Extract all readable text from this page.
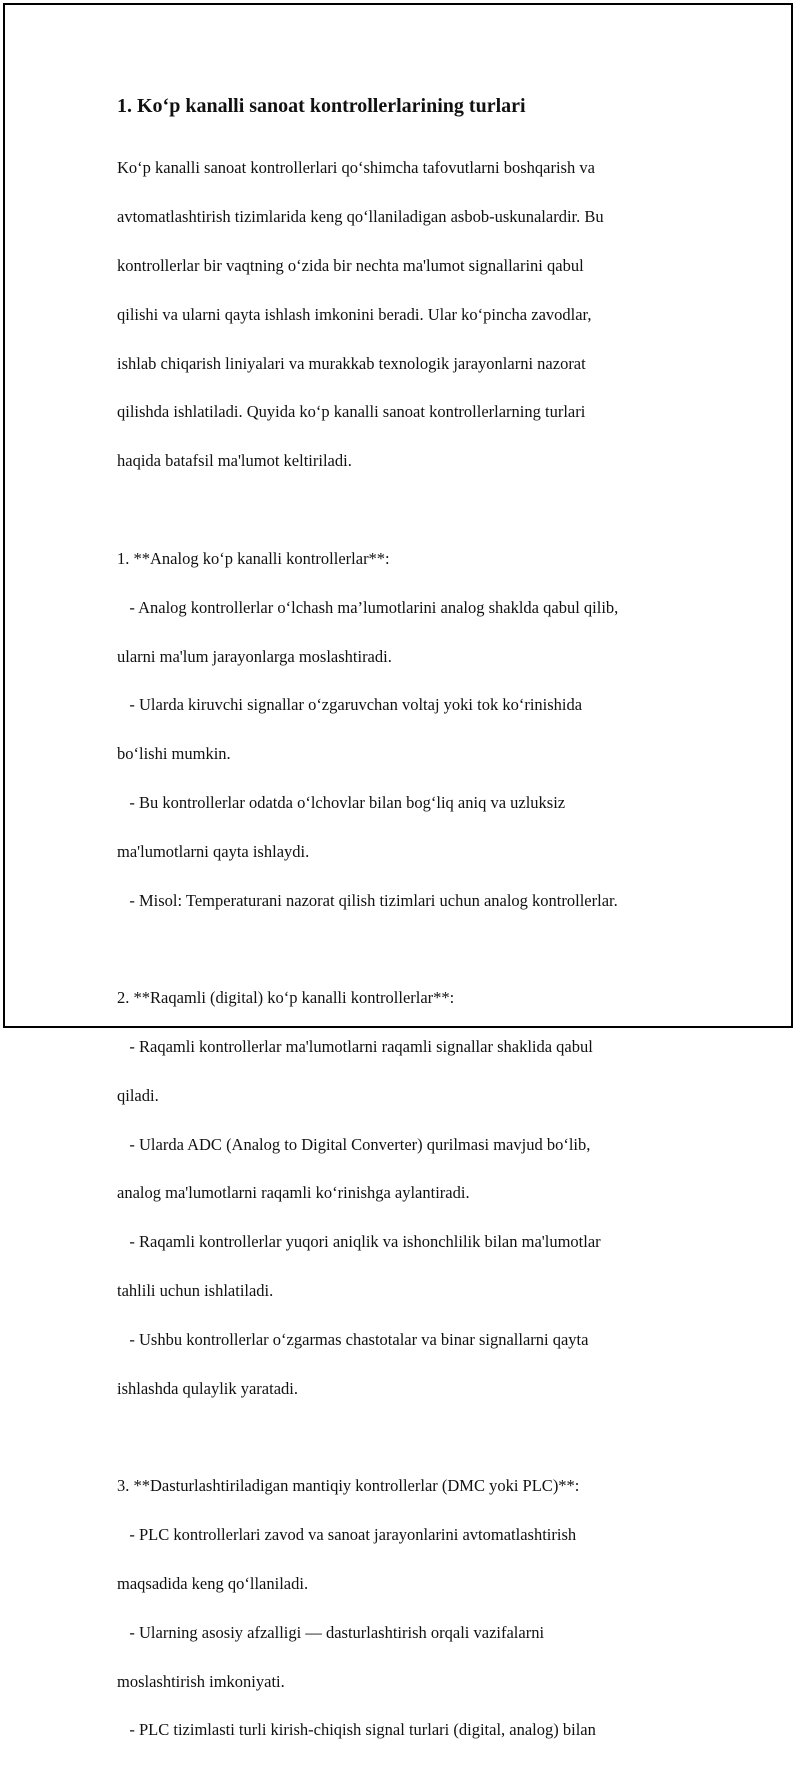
1. Ko‘p kanalli sanoat kontrollerlarining turlari

Ko‘p kanalli sanoat kontrollerlari qo‘shimcha tafovutlarni boshqarish va

avtomatlashtirish tizimlarida keng qo‘llaniladigan asbob-uskunalardir. Bu

kontrollerlar bir vaqtning o‘zida bir nechta ma'lumot signallarini qabul

qilishi va ularni qayta ishlash imkonini beradi. Ular ko‘pincha zavodlar,

ishlab chiqarish liniyalari va murakkab texnologik jarayonlarni nazorat

qilishda ishlatiladi. Quyida ko‘p kanalli sanoat kontrollerlarning turlari

haqida batafsil ma'lumot keltiriladi.

1. **Analog ko‘p kanalli kontrollerlar**:

- Analog kontrollerlar o‘lchash ma’lumotlarini analog shaklda qabul qilib,

ularni ma'lum jarayonlarga moslashtiradi.

- Ularda kiruvchi signallar o‘zgaruvchan voltaj yoki tok ko‘rinishida

bo‘lishi mumkin.

- Bu kontrollerlar odatda o‘lchovlar bilan bog‘liq aniq va uzluksiz

ma'lumotlarni qayta ishlaydi.

- Misol: Temperaturani nazorat qilish tizimlari uchun analog kontrollerlar.

2. **Raqamli (digital) ko‘p kanalli kontrollerlar**:

- Raqamli kontrollerlar ma'lumotlarni raqamli signallar shaklida qabul

qiladi.

- Ularda ADC (Analog to Digital Converter) qurilmasi mavjud bo‘lib,

analog ma'lumotlarni raqamli ko‘rinishga aylantiradi.

- Raqamli kontrollerlar yuqori aniqlik va ishonchlilik bilan ma'lumotlar

tahlili uchun ishlatiladi.

- Ushbu kontrollerlar o‘zgarmas chastotalar va binar signallarni qayta

ishlashda qulaylik yaratadi.

3. **Dasturlashtiriladigan mantiqiy kontrollerlar (DMC yoki PLC)**:

- PLC kontrollerlari zavod va sanoat jarayonlarini avtomatlashtirish

maqsadida keng qo‘llaniladi.

- Ularning asosiy afzalligi — dasturlashtirish orqali vazifalarni

moslashtirish imkoniyati.

- PLC tizimlasti turli kirish-chiqish signal turlari (digital, analog) bilan
